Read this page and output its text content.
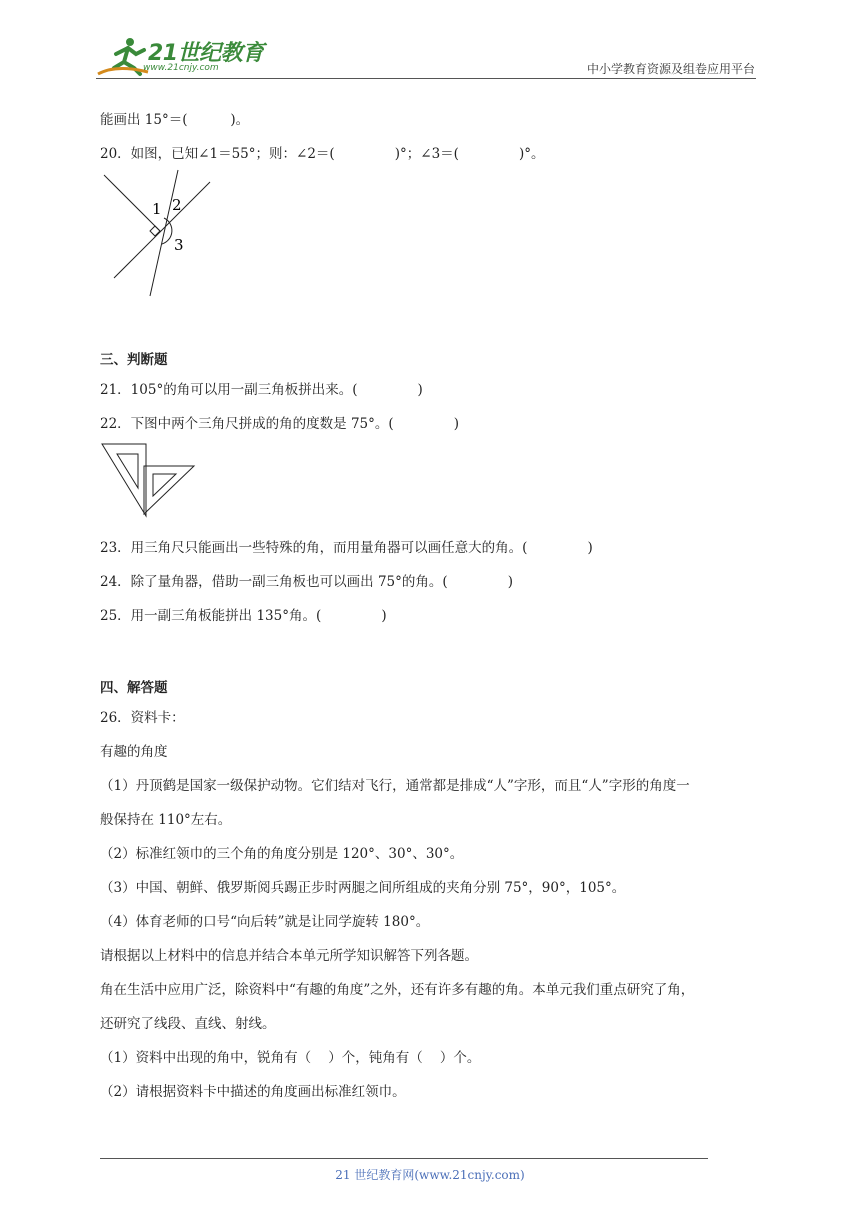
21世纪教育
www.21cnjy.com	中小学教育资源及组卷应用平台
能画出 15°＝(          )。
20．如图，已知∠1＝55°；则：∠2＝(              )°；∠3＝(              )°。
1 2
3
三、判断题
21．105°的角可以用一副三角板拼出来。(              )
22．下图中两个三角尺拼成的角的度数是 75°。(              )
23．用三角尺只能画出一些特殊的角，而用量角器可以画任意大的角。(              )
24．除了量角器，借助一副三角板也可以画出 75°的角。(              )
25．用一副三角板能拼出 135°角。(              )
四、解答题
26．资料卡：
有趣的角度
（1）丹顶鹤是国家一级保护动物。它们结对飞行，通常都是排成“人”字形，而且“人”字形的角度一
般保持在 110°左右。
（2）标准红领巾的三个角的角度分别是 120°、30°、30°。
（3）中国、朝鲜、俄罗斯阅兵踢正步时两腿之间所组成的夹角分别 75°，90°，105°。
（4）体育老师的口号“向后转”就是让同学旋转 180°。
请根据以上材料中的信息并结合本单元所学知识解答下列各题。
角在生活中应用广泛，除资料中“有趣的角度”之外，还有许多有趣的角。本单元我们重点研究了角，
还研究了线段、直线、射线。
（1）资料中出现的角中，锐角有（    ）个，钝角有（    ）个。
（2）请根据资料卡中描述的角度画出标准红领巾。
21 世纪教育网(www.21cnjy.com)
